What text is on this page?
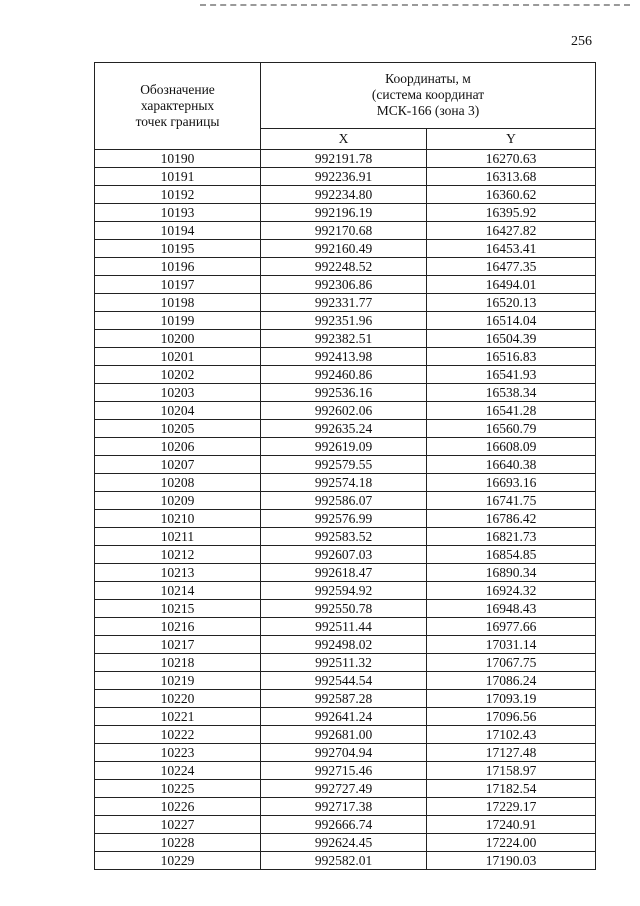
256
Обозначение
характерных
точек границы	Координаты, м
(система координат
МСК-166 (зона 3)	

	X	Y
10190	992191.78	16270.63
10191	992236.91	16313.68
10192	992234.80	16360.62
10193	992196.19	16395.92
10194	992170.68	16427.82
10195	992160.49	16453.41
10196	992248.52	16477.35
10197	992306.86	16494.01
10198	992331.77	16520.13
10199	992351.96	16514.04
10200	992382.51	16504.39
10201	992413.98	16516.83
10202	992460.86	16541.93
10203	992536.16	16538.34
10204	992602.06	16541.28
10205	992635.24	16560.79
10206	992619.09	16608.09
10207	992579.55	16640.38
10208	992574.18	16693.16
10209	992586.07	16741.75
10210	992576.99	16786.42
10211	992583.52	16821.73
10212	992607.03	16854.85
10213	992618.47	16890.34
10214	992594.92	16924.32
10215	992550.78	16948.43
10216	992511.44	16977.66
10217	992498.02	17031.14
10218	992511.32	17067.75
10219	992544.54	17086.24
10220	992587.28	17093.19
10221	992641.24	17096.56
10222	992681.00	17102.43
10223	992704.94	17127.48
10224	992715.46	17158.97
10225	992727.49	17182.54
10226	992717.38	17229.17
10227	992666.74	17240.91
10228	992624.45	17224.00
10229	992582.01	17190.03
